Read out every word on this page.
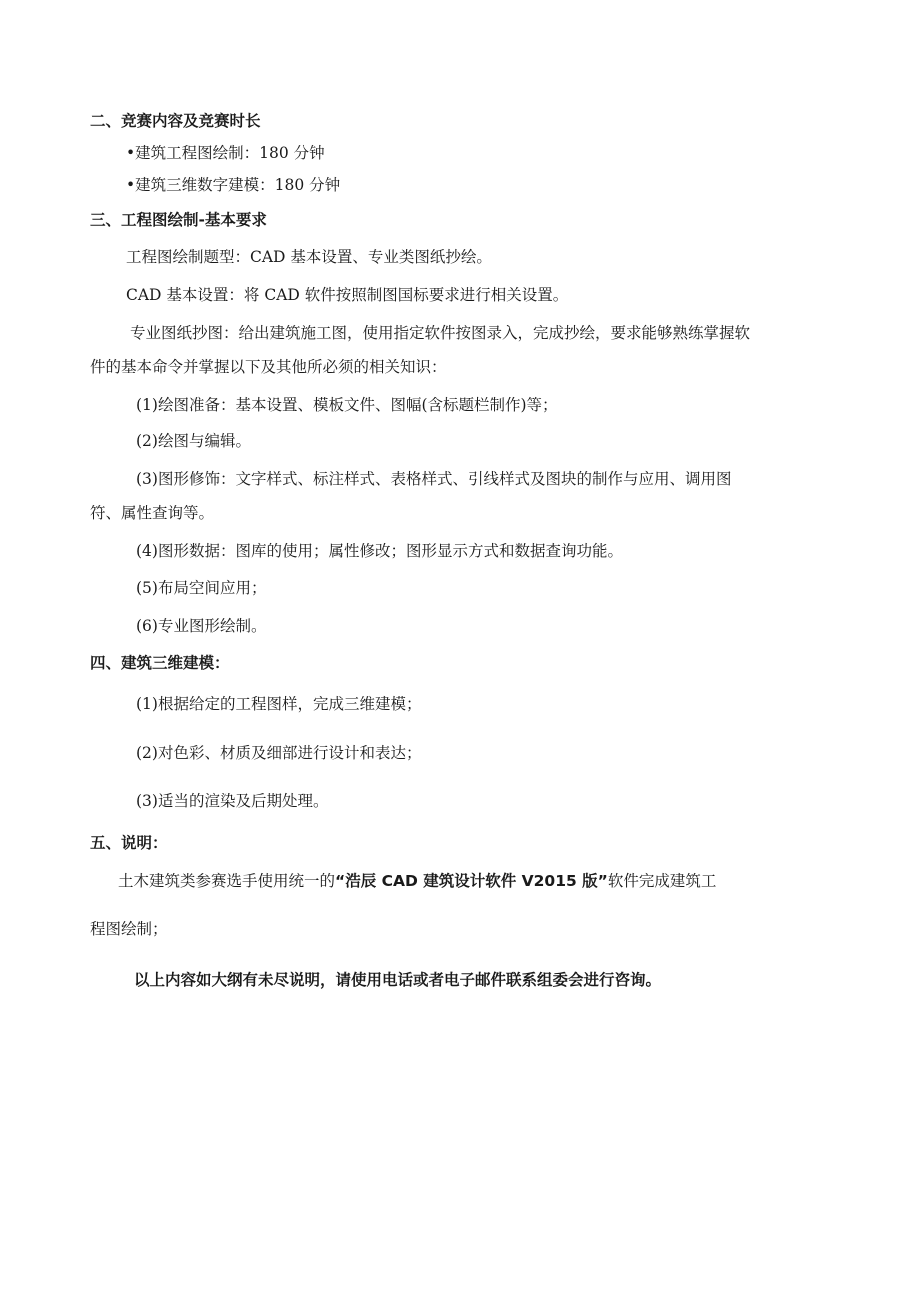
二、竞赛内容及竞赛时长
•建筑工程图绘制：180 分钟
•建筑三维数字建模：180 分钟
三、工程图绘制-基本要求
工程图绘制题型：CAD 基本设置、专业类图纸抄绘。
CAD 基本设置：将 CAD 软件按照制图国标要求进行相关设置。
专业图纸抄图：给出建筑施工图，使用指定软件按图录入，完成抄绘，要求能够熟练掌握软
件的基本命令并掌握以下及其他所必须的相关知识：
(1)绘图准备：基本设置、模板文件、图幅(含标题栏制作)等；
(2)绘图与编辑。
(3)图形修饰：文字样式、标注样式、表格样式、引线样式及图块的制作与应用、调用图
符、属性查询等。
(4)图形数据：图库的使用；属性修改；图形显示方式和数据查询功能。
(5)布局空间应用；
(6)专业图形绘制。
四、建筑三维建模：
(1)根据给定的工程图样，完成三维建模；
(2)对色彩、材质及细部进行设计和表达；
(3)适当的渲染及后期处理。
五、说明：
土木建筑类参赛选手使用统一的“浩辰 CAD 建筑设计软件 V2015 版”软件完成建筑工
程图绘制；
以上内容如大纲有未尽说明，请使用电话或者电子邮件联系组委会进行咨询。
